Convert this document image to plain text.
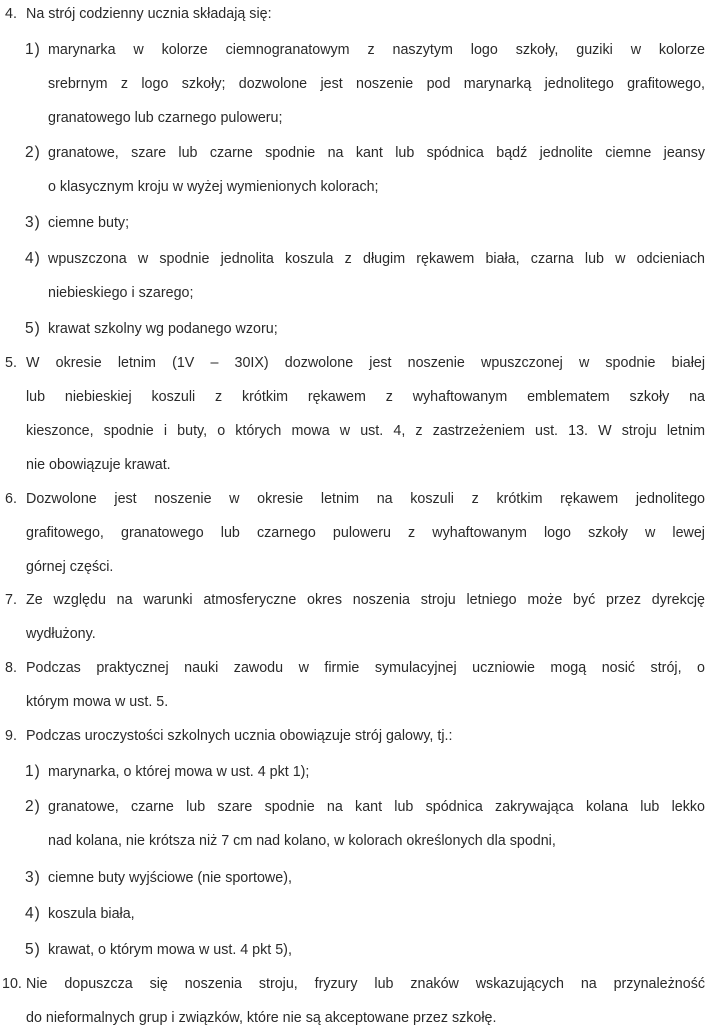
4. Na strój codzienny ucznia składają się:

1) marynarka w kolorze ciemnogranatowym z naszytym logo szkoły, guziki w kolorze

srebrnym z logo szkoły; dozwolone jest noszenie pod marynarką jednolitego grafitowego,

granatowego lub czarnego puloweru;

2) granatowe, szare lub czarne spodnie na kant lub spódnica bądź jednolite ciemne jeansy

o klasycznym kroju w wyżej wymienionych kolorach;

3) ciemne buty;

4) wpuszczona w spodnie jednolita koszula z długim rękawem biała, czarna lub w odcieniach

niebieskiego i szarego;

5) krawat szkolny wg podanego wzoru;

5. W okresie letnim (1V – 30IX) dozwolone jest noszenie wpuszczonej w spodnie białej

lub niebieskiej koszuli z krótkim rękawem z wyhaftowanym emblematem szkoły na

kieszonce, spodnie i buty, o których mowa w ust. 4, z zastrzeżeniem ust. 13. W stroju letnim

nie obowiązuje krawat.

6. Dozwolone jest noszenie w okresie letnim na koszuli z krótkim rękawem jednolitego

grafitowego, granatowego lub czarnego puloweru z wyhaftowanym logo szkoły w lewej

górnej części.

7. Ze względu na warunki atmosferyczne okres noszenia stroju letniego może być przez dyrekcję

wydłużony.

8. Podczas praktycznej nauki zawodu w firmie symulacyjnej uczniowie mogą nosić strój, o

którym mowa w ust. 5.

9. Podczas uroczystości szkolnych ucznia obowiązuje strój galowy, tj.:

1) marynarka, o której mowa w ust. 4 pkt 1);

2) granatowe, czarne lub szare spodnie na kant lub spódnica zakrywająca kolana lub lekko

nad kolana, nie krótsza niż 7 cm nad kolano, w kolorach określonych dla spodni,

3) ciemne buty wyjściowe (nie sportowe),

4) koszula biała,

5) krawat, o którym mowa w ust. 4 pkt 5),

10. Nie dopuszcza się noszenia stroju, fryzury lub znaków wskazujących na przynależność

do nieformalnych grup i związków, które nie są akceptowane przez szkołę.
